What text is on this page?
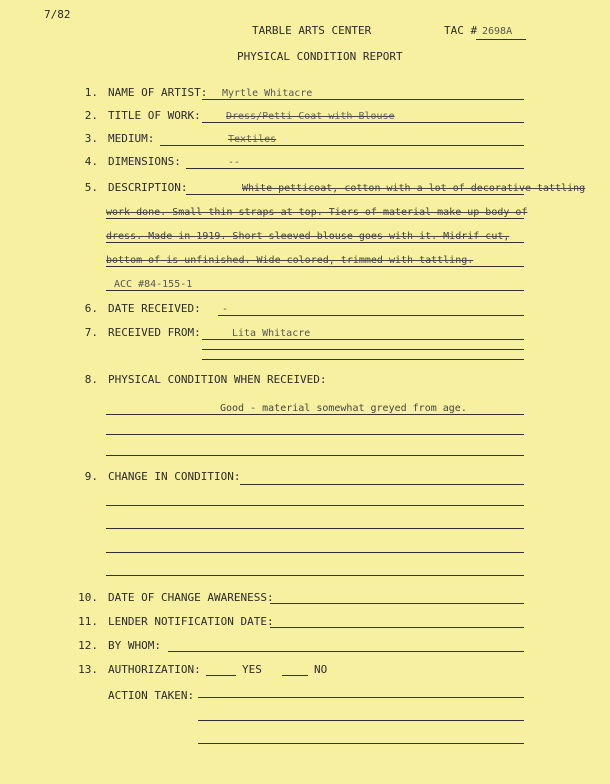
7/82
TARBLE ARTS CENTER	TAC # 2698A
PHYSICAL CONDITION REPORT
1. NAME OF ARTIST: Myrtle Whitacre
2. TITLE OF WORK:	Dress/Petti Coat with Blouse
3. MEDIUM:	Textiles
4. DIMENSIONS:	--
5. DESCRIPTION:	White petticoat, cotton with a lot of decorative tattling
work done. Small thin straps at top. Tiers of material make up body of
dress. Made in 1919. Short sleeved blouse goes with it. Midrif cut,
bottom of is unfinished. Wide colored, trimmed with tattling.
ACC #84-155-1
6. DATE RECEIVED: -
7. RECEIVED FROM:	Lita Whitacre
8. PHYSICAL CONDITION WHEN RECEIVED:
Good - material somewhat greyed from age.
9. CHANGE IN CONDITION:
10. DATE OF CHANGE AWARENESS:
11. LENDER NOTIFICATION DATE:
12. BY WHOM:
13. AUTHORIZATION:	YES	NO
ACTION TAKEN:
